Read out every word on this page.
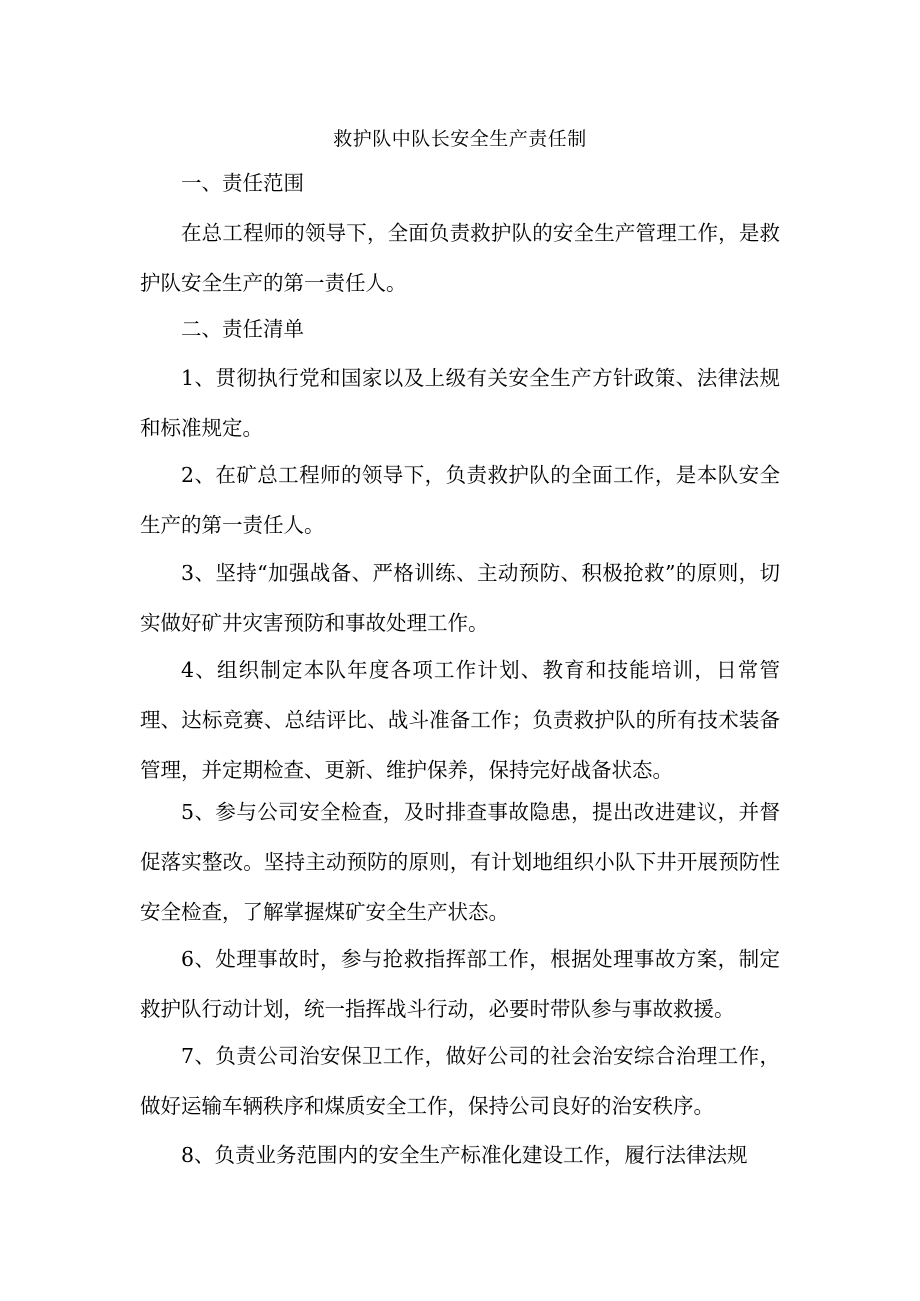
救护队中队长安全生产责任制

一、责任范围

在总工程师的领导下，全面负责救护队的安全生产管理工作，是救护队安全生产的第一责任人。

二、责任清单

1、贯彻执行党和国家以及上级有关安全生产方针政策、法律法规和标准规定。

2、在矿总工程师的领导下，负责救护队的全面工作，是本队安全生产的第一责任人。

3、坚持“加强战备、严格训练、主动预防、积极抢救”的原则，切实做好矿井灾害预防和事故处理工作。

4、组织制定本队年度各项工作计划、教育和技能培训，日常管理、达标竞赛、总结评比、战斗准备工作；负责救护队的所有技术装备管理，并定期检查、更新、维护保养，保持完好战备状态。

5、参与公司安全检查，及时排查事故隐患，提出改进建议，并督促落实整改。坚持主动预防的原则，有计划地组织小队下井开展预防性安全检查，了解掌握煤矿安全生产状态。

6、处理事故时，参与抢救指挥部工作，根据处理事故方案，制定救护队行动计划，统一指挥战斗行动，必要时带队参与事故救援。

7、负责公司治安保卫工作，做好公司的社会治安综合治理工作，做好运输车辆秩序和煤质安全工作，保持公司良好的治安秩序。

8、负责业务范围内的安全生产标准化建设工作，履行法律法规
